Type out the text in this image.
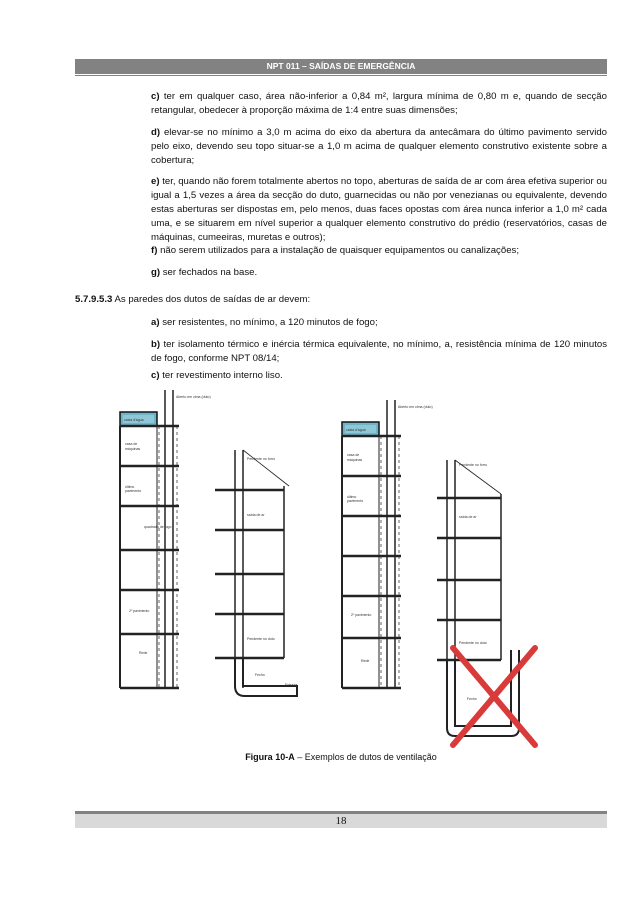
NPT 011 – SAÍDAS DE EMERGÊNCIA
c) ter em qualquer caso, área não-inferior a 0,84 m², largura mínima de 0,80 m e, quando de secção retangular, obedecer à proporção máxima de 1:4 entre suas dimensões;
d) elevar-se no mínimo a 3,0 m acima do eixo da abertura da antecâmara do último pavimento servido pelo eixo, devendo seu topo situar-se a 1,0 m acima de qualquer elemento construtivo existente sobre a cobertura;
e) ter, quando não forem totalmente abertos no topo, aberturas de saída de ar com área efetiva superior ou igual a 1,5 vezes a área da secção do duto, guarnecidas ou não por venezianas ou equivalente, devendo estas aberturas ser dispostas em, pelo menos, duas faces opostas com área nunca inferior a 1,0 m² cada uma, e se situarem em nível superior a qualquer elemento construtivo do prédio (reservatórios, casas de máquinas, cumeeiras, muretas e outros);
f) não serem utilizados para a instalação de quaisquer equipamentos ou canalizações;
g) ser fechados na base.
5.7.9.5.3 As paredes dos dutos de saídas de ar devem:
a) ser resistentes, no mínimo, a 120 minutos de fogo;
b) ter isolamento térmico e inércia térmica equivalente, no mínimo, a, resistência mínima de 120 minutos de fogo, conforme NPT 08/14;
c) ter revestimento interno liso.
Aberto em cima (duto)
caixa d'água
casa de
máquinas
último
pavimento
2º pavimento
Rede
quadrado de fogo
Pendente no forro
saída de ar
Pendente no duto
Fecho
Entrada
Aberto em cima (duto)
caixa d'água
casa de
máquinas
último
pavimento
2º pavimento
Rede
Pendente no forro
saída de ar
Pendente no duto
Fecho
Figura 10-A – Exemplos de dutos de ventilação
18
